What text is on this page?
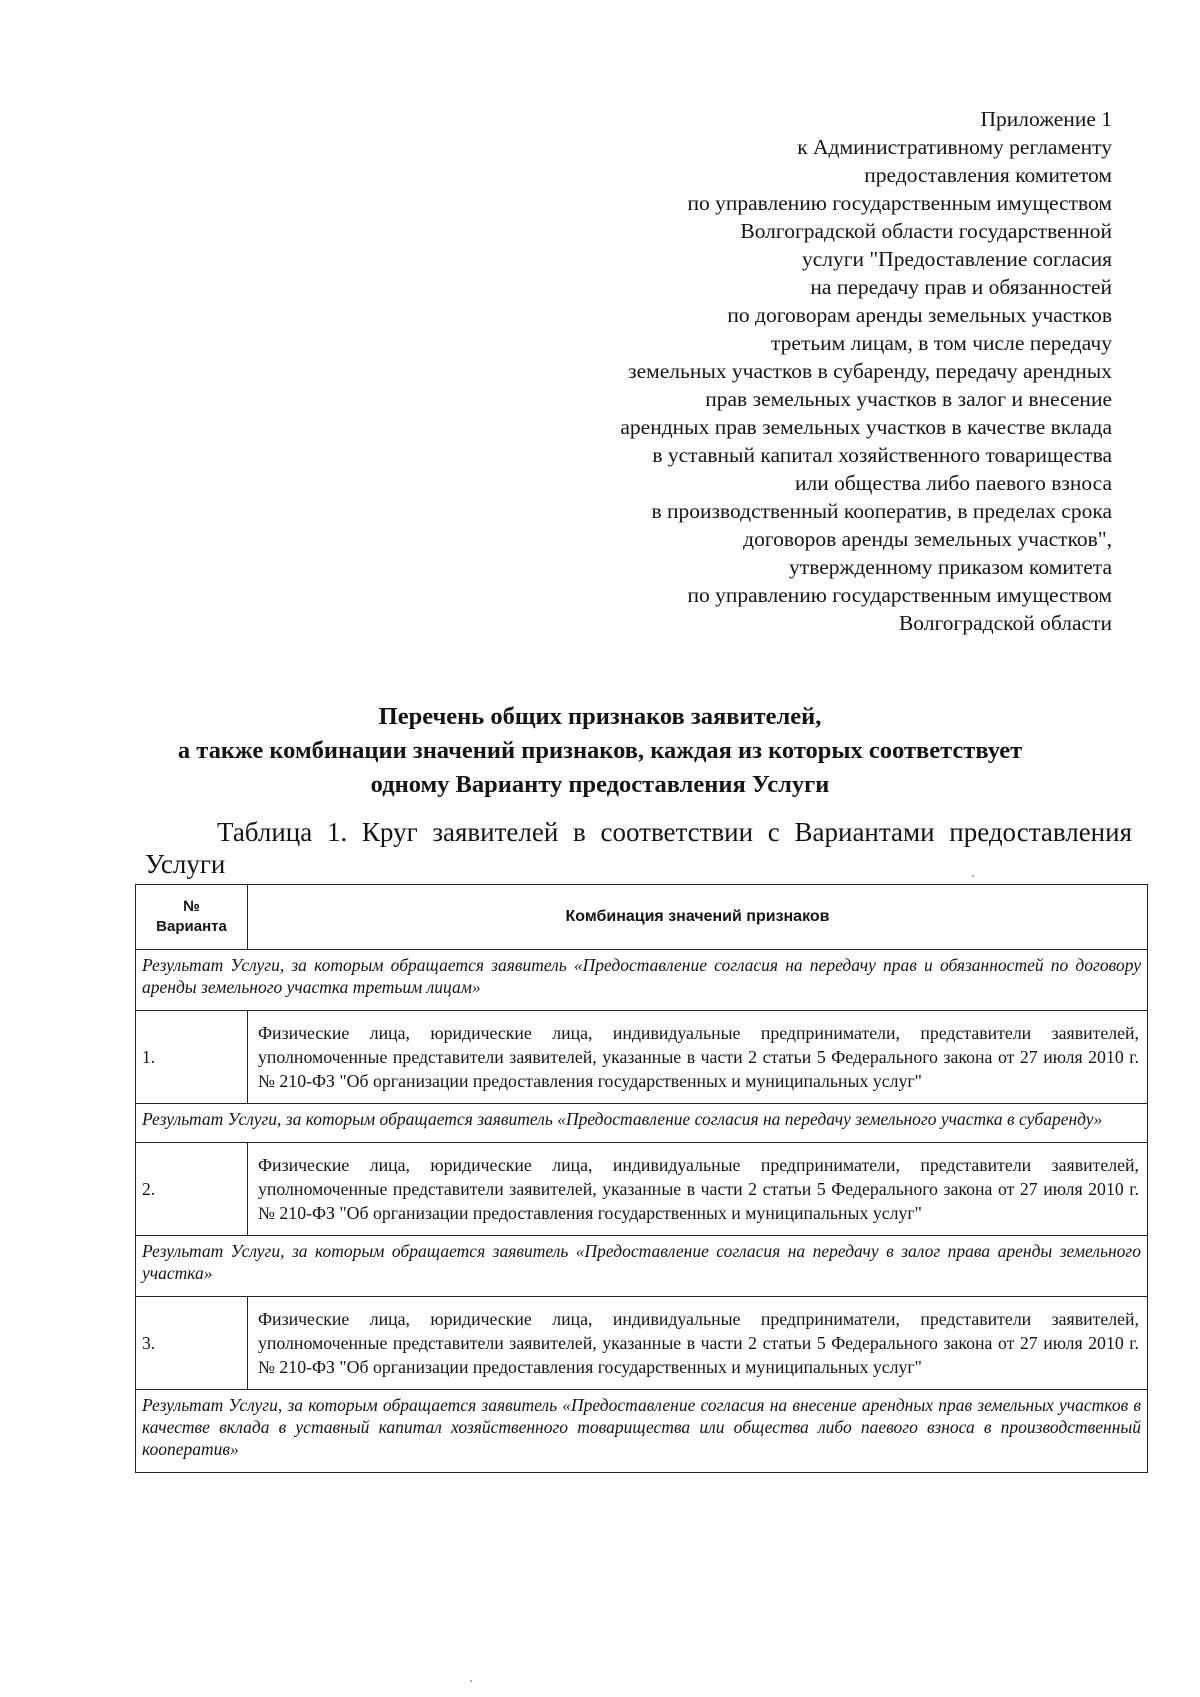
Приложение 1
к Административному регламенту
предоставления комитетом
по управлению государственным имуществом
Волгоградской области государственной
услуги "Предоставление согласия
на передачу прав и обязанностей
по договорам аренды земельных участков
третьим лицам, в том числе передачу
земельных участков в субаренду, передачу арендных
прав земельных участков в залог и внесение
арендных прав земельных участков в качестве вклада
в уставный капитал хозяйственного товарищества
или общества либо паевого взноса
в производственный кооператив, в пределах срока
договоров аренды земельных участков",
утвержденному приказом комитета
по управлению государственным имуществом
Волгоградской области
Перечень общих признаков заявителей,
а также комбинации значений признаков, каждая из которых соответствует
одному Варианту предоставления Услуги
Таблица 1. Круг заявителей в соответствии с Вариантами предоставления Услуги
№
Варианта	Комбинация значений признаков
Результат Услуги, за которым обращается заявитель «Предоставление согласия на передачу прав и обязанностей по договору аренды земельного участка третьим лицам»	
1.	Физические лица, юридические лица, индивидуальные предприниматели, представители заявителей, уполномоченные представители заявителей, указанные в части 2 статьи 5 Федерального закона от 27 июля 2010 г. № 210-ФЗ "Об организации предоставления государственных и муниципальных услуг"
Результат Услуги, за которым обращается заявитель «Предоставление согласия на передачу земельного участка в субаренду»	
2.	Физические лица, юридические лица, индивидуальные предприниматели, представители заявителей, уполномоченные представители заявителей, указанные в части 2 статьи 5 Федерального закона от 27 июля 2010 г. № 210-ФЗ "Об организации предоставления государственных и муниципальных услуг"
Результат Услуги, за которым обращается заявитель «Предоставление согласия на передачу в залог права аренды земельного участка»	
3.	Физические лица, юридические лица, индивидуальные предприниматели, представители заявителей, уполномоченные представители заявителей, указанные в части 2 статьи 5 Федерального закона от 27 июля 2010 г. № 210-ФЗ "Об организации предоставления государственных и муниципальных услуг"
Результат Услуги, за которым обращается заявитель «Предоставление согласия на внесение арендных прав земельных участков в качестве вклада в уставный капитал хозяйственного товарищества или общества либо паевого взноса в производственный кооператив»	
